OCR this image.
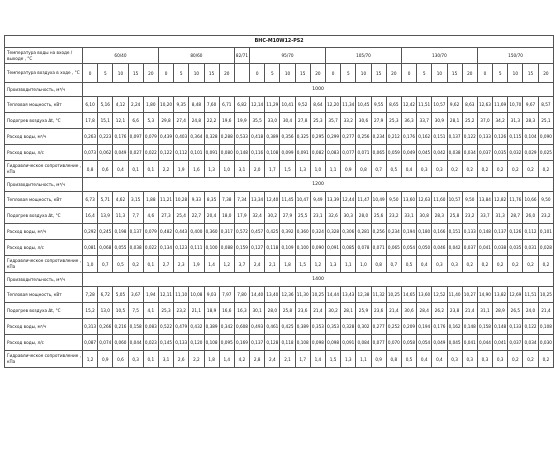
ВНС-М10W12-PS2																															
Температура воды на входе /выходе , °С	60/40					80/60					82/71	95/70					105/70					130/70					150/70				
Температура воздуха в ходе , °С	0	5	10	15	20	0	5	10	15	20		0	5	10	15	20	0	5	10	15	20	0	5	10	15	20	0	5	10	15	20
Производительность, м³/ч	1000																														
Тепловая мощность, кВт	6,10	5,16	4,12	2,24	1,80	10,20	9,35	8,48	7,60	6,71	6,82	12,14	11,29	10,41	9,52	8,64	12,20	11,34	10,45	9,55	8,65	12,42	11,51	10,57	9,62	8,63	12,63	11,69	10,70	9,67	8,57
Подогрев воздуха Δt, °С	17,8	15,1	12,1	6,6	5,3	29,8	27,4	24,8	22,2	19,6	19,9	35,5	33,0	30,4	27,8	25,3	35,7	33,2	30,6	27,9	25,3	36,3	33,7	30,9	28,1	25,2	37,0	34,2	31,3	28,3	25,1
Расход воды, м³/ч	0,263	0,223	0,176	0,097	0,079	0,439	0,403	0,364	0,328	0,288	0,533	0,418	0,389	0,356	0,325	0,295	0,299	0,277	0,256	0,234	0,212	0,176	0,162	0,151	0,137	0,122	0,133	0,126	0,115	0,104	0,090
Расход воды, л/с	0,073	0,062	0,049	0,027	0,022	0,122	0,112	0,101	0,091	0,080	0,148	0,116	0,108	0,099	0,091	0,082	0,083	0,077	0,071	0,065	0,059	0,049	0,045	0,042	0,038	0,034	0,037	0,035	0,032	0,029	0,025
Гидравлическое сопротивление , кПа	0,8	0,6	0,4	0,1	0,1	2,2	1,9	1,6	1,3	1,0	3,1	2,0	1,7	1,5	1,3	1,0	1,1	0,9	0,8	0,7	0,5	0,4	0,3	0,3	0,2	0,2	0,2	0,2	0,2	0,2	0,2
Производительность, м³/ч	1200																														
Тепловая мощность, кВт	6,73	5,71	4,62	3,15	1,88	11,21	10,28	9,33	8,35	7,38	7,34	13,34	12,40	11,45	10,47	9,49	13,39	12,44	11,47	10,49	9,50	13,60	12,63	11,60	10,57	9,50	13,84	12,82	11,76	10,66	9,50
Подогрев воздуха Δt, °С	16,4	13,9	11,3	7,7	4,6	27,3	25,4	22,7	20,4	18,0	17,9	32,4	30,2	27,9	25,5	23,1	32,6	30,3	28,0	25,6	23,2	33,1	30,8	28,3	25,8	23,2	33,7	31,3	28,7	26,0	23,2
Расход воды, м³/ч	0,292	0,245	0,198	0,137	0,079	0,482	0,443	0,400	0,360	0,317	0,572	0,457	0,425	0,392	0,360	0,324	0,328	0,306	0,281	0,256	0,234	0,194	0,180	0,166	0,151	0,133	0,148	0,137	0,126	0,112	0,101
Расход воды, л/с	0,081	0,068	0,055	0,038	0,022	0,134	0,123	0,111	0,100	0,088	0,159	0,127	0,118	0,109	0,100	0,090	0,091	0,085	0,078	0,071	0,065	0,054	0,050	0,046	0,042	0,037	0,041	0,038	0,035	0,031	0,028
Гидравлическое сопротивление , кПа	1,0	0,7	0,5	0,2	0,1	2,7	2,3	1,9	1,4	1,2	3,7	2,4	2,1	1,8	1,5	1,2	1,3	1,1	1,0	0,8	0,7	0,5	0,4	0,3	0,3	0,2	0,2	0,2	0,2	0,2	0,2
Производительность, м³/ч	1400																														
Тепловая мощность, кВт	7,28	6,72	5,05	3,67	1,94	12,11	11,10	10,08	9,03	7,97	7,80	14,40	13,40	12,36	11,30	10,25	14,44	13,43	12,38	11,32	10,25	14,65	13,60	12,52	11,40	10,27	14,90	13,82	12,69	11,51	10,25
Подогрев воздуха Δt, °С	15,2	13,0	10,5	7,5	4,1	25,3	23,2	21,1	18,9	16,6	16,3	30,1	28,0	25,8	23,6	21,4	30,2	28,1	25,9	23,6	21,4	30,6	28,4	26,2	23,8	21,4	31,1	28,9	26,5	24,0	21,4
Расход воды, м³/ч	0,313	0,266	0,216	0,158	0,083	0,522	0,479	0,432	0,389	0,342	0,608	0,493	0,461	0,425	0,389	0,353	0,353	0,328	0,302	0,277	0,252	0,209	0,194	0,176	0,162	0,148	0,158	0,148	0,133	0,122	0,108
Расход воды, л/с	0,087	0,074	0,060	0,044	0,023	0,145	0,133	0,120	0,108	0,095	0,169	0,137	0,128	0,118	0,108	0,098	0,098	0,091	0,084	0,077	0,070	0,058	0,054	0,049	0,045	0,041	0,044	0,041	0,037	0,034	0,030
Гидравлическое сопротивление , кПа	1,2	0,9	0,6	0,3	0,1	3,1	2,6	2,2	1,8	1,4	4,2	2,8	2,4	2,1	1,7	1,4	1,5	1,3	1,1	0,9	0,8	0,5	0,4	0,4	0,3	0,3	0,3	0,3	0,2	0,2	0,2
